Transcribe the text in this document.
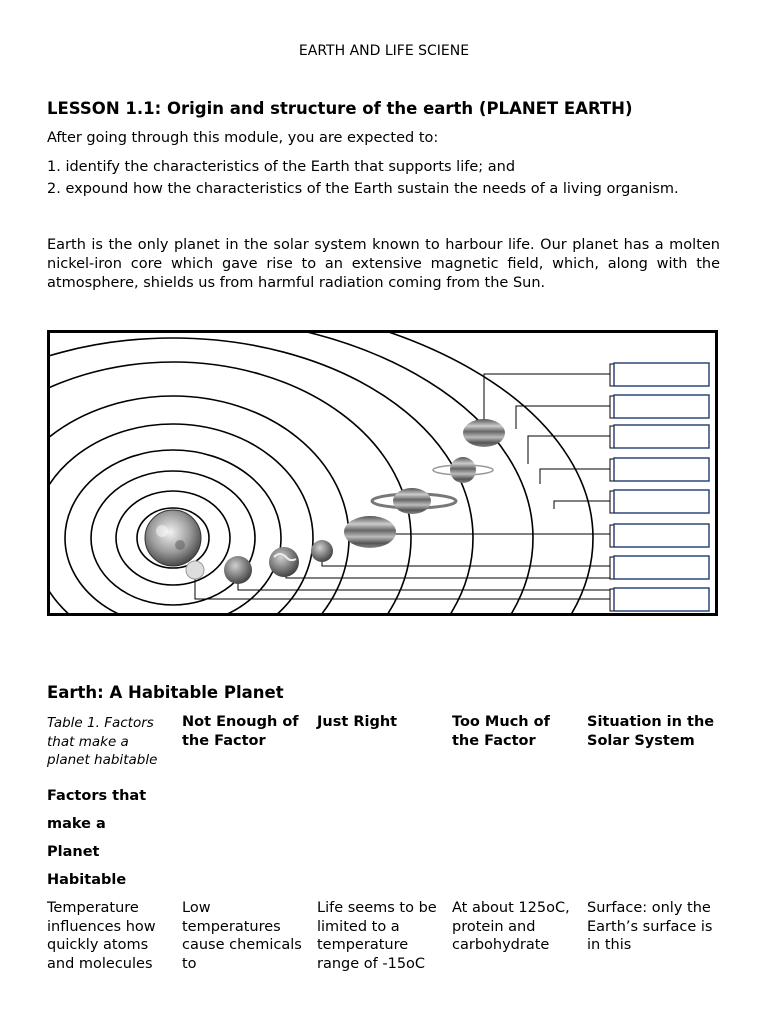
EARTH AND LIFE SCIENE
LESSON 1.1: Origin and structure of the earth (PLANET EARTH)
After going through this module, you are expected to:
1. identify the characteristics of the Earth that supports life; and
2. expound how the characteristics of the Earth sustain the needs of a living organism.
Earth is the only planet in the solar system known to harbour life. Our planet has a molten nickel-iron core which gave rise to an extensive magnetic field, which, along with the atmosphere, shields us from harmful radiation coming from the Sun.
Earth: A Habitable Planet
Table 1. Factors that make a planet habitable
Not Enough of the Factor
Just Right	Too Much of the Factor
Situation in the Solar System
Factors that
make a
Planet
Habitable
Temperature influences how quickly atoms and molecules
Low temperatures cause chemicals to
Life seems to be limited to a temperature range of -15oC
At about 125oC, protein and carbohydrate
Surface: only the Earth’s surface is in this
